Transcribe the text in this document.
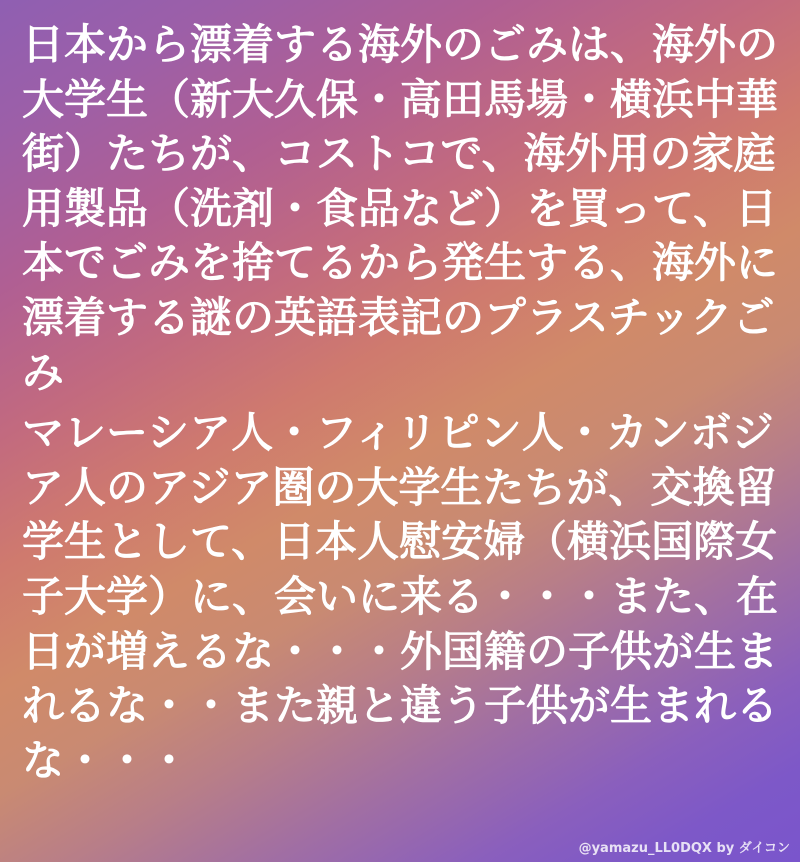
日本から漂着する海外のごみは、海外の大学生（新大久保・高田馬場・横浜中華街）たちが、コストコで、海外用の家庭用製品（洗剤・食品など）を買って、日本でごみを捨てるから発生する、海外に漂着する謎の英語表記のプラスチックごみ

マレーシア人・フィリピン人・カンボジア人のアジア圏の大学生たちが、交換留学生として、日本人慰安婦（横浜国際女子大学）に、会いに来る・・・また、在日が増えるな・・・外国籍の子供が生まれるな・・また親と違う子供が生まれるな・・・

@yamazu_LL0DQX by ダイコン
